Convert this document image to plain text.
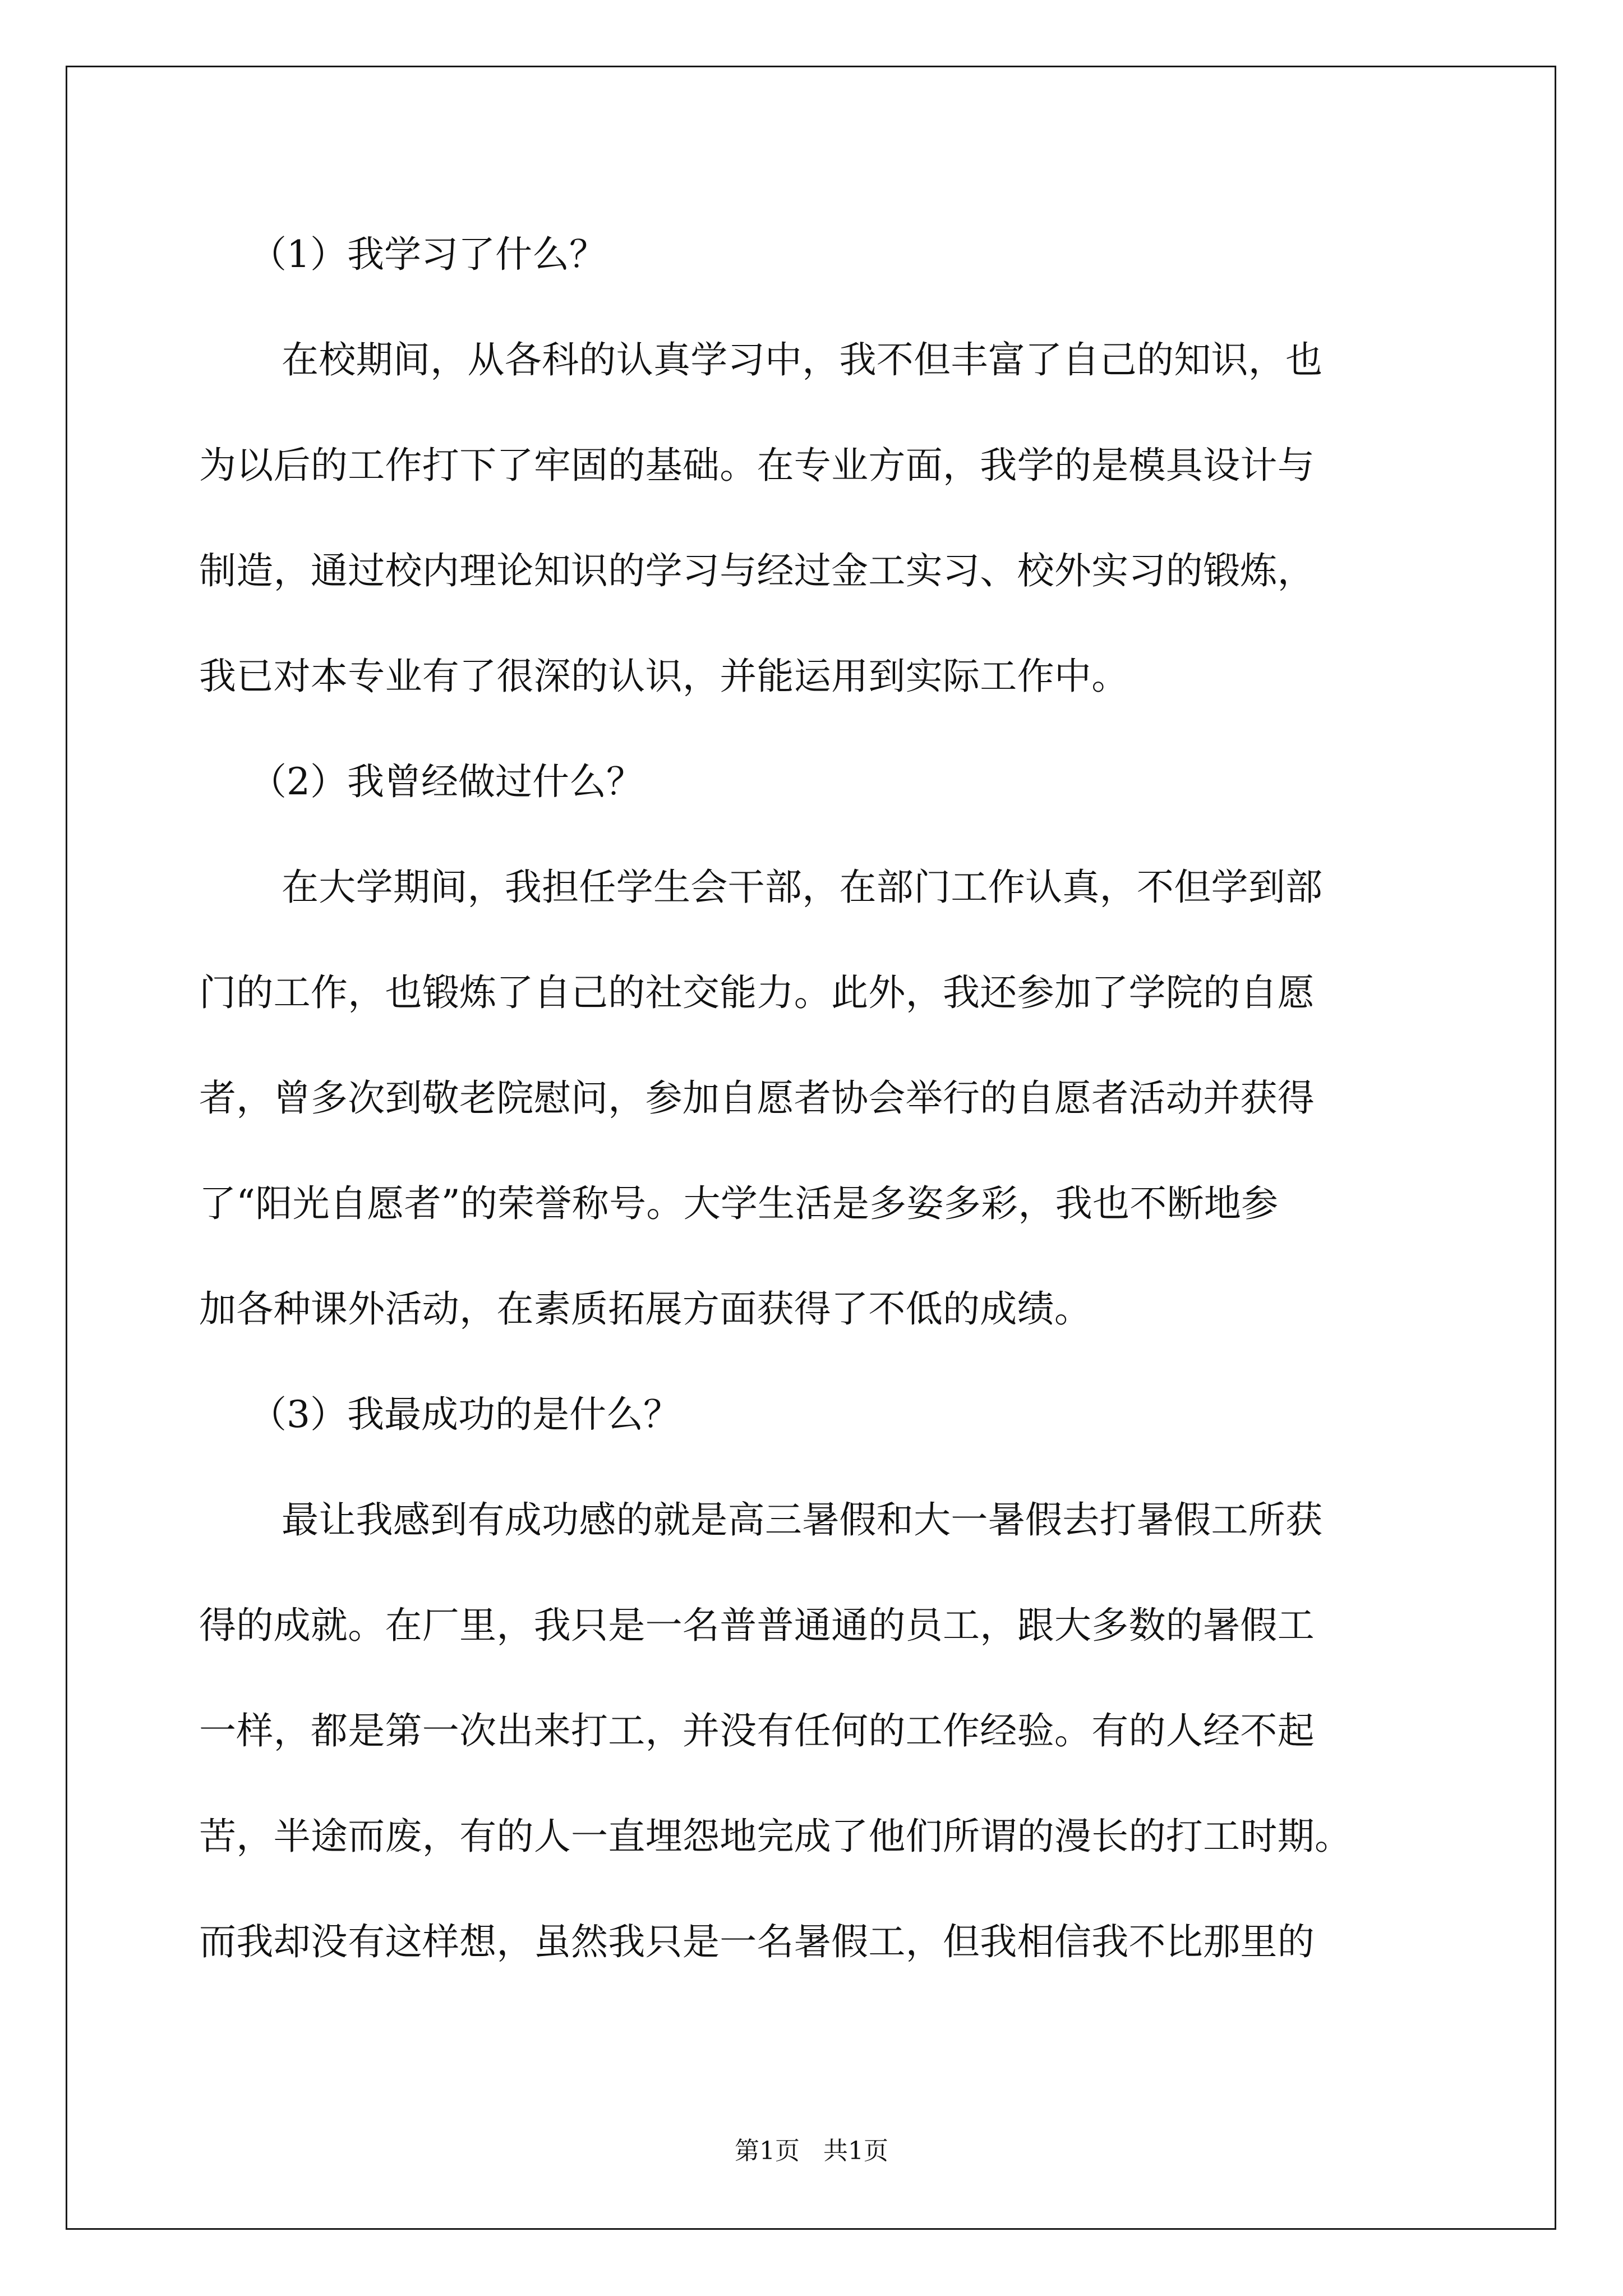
（1）我学习了什么？

在校期间，从各科的认真学习中，我不但丰富了自己的知识，也
为以后的工作打下了牢固的基础。在专业方面，我学的是模具设计与
制造，通过校内理论知识的学习与经过金工实习、校外实习的锻炼，
我已对本专业有了很深的认识，并能运用到实际工作中。

（2）我曾经做过什么？

在大学期间，我担任学生会干部，在部门工作认真，不但学到部
门的工作，也锻炼了自己的社交能力。此外，我还参加了学院的自愿
者，曾多次到敬老院慰问，参加自愿者协会举行的自愿者活动并获得
了“阳光自愿者”的荣誉称号。大学生活是多姿多彩，我也不断地参
加各种课外活动，在素质拓展方面获得了不低的成绩。

（3）我最成功的是什么？

最让我感到有成功感的就是高三暑假和大一暑假去打暑假工所获
得的成就。在厂里，我只是一名普普通通的员工，跟大多数的暑假工
一样，都是第一次出来打工，并没有任何的工作经验。有的人经不起
苦，半途而废，有的人一直埋怨地完成了他们所谓的漫长的打工时期。
而我却没有这样想，虽然我只是一名暑假工，但我相信我不比那里的

第1页   共1页
